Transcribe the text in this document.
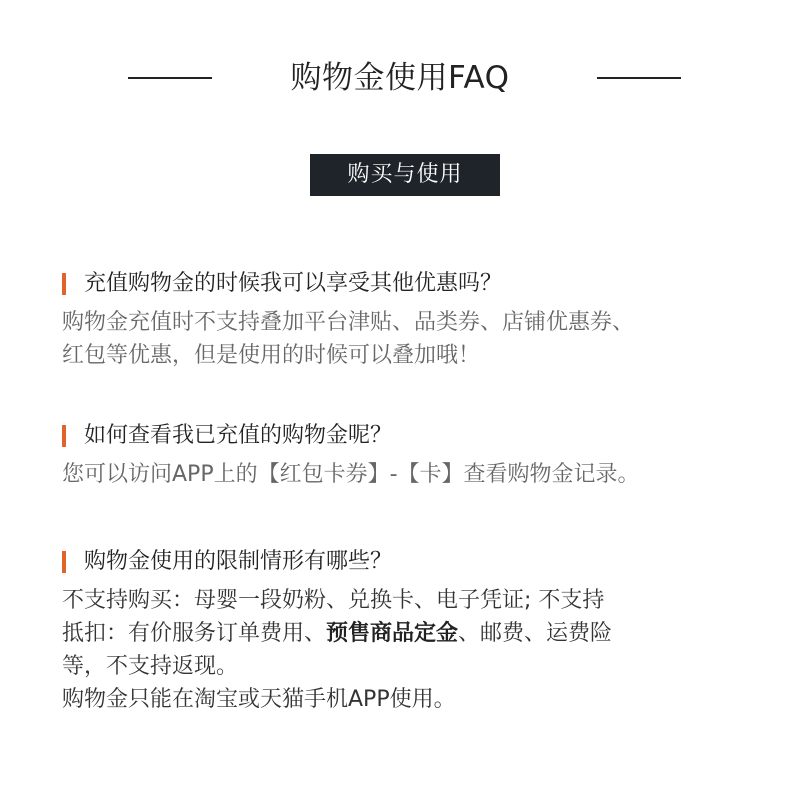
购物金使用FAQ
购买与使用
充值购物金的时候我可以享受其他优惠吗？

购物金充值时不支持叠加平台津贴、品类券、店铺优惠券、

红包等优惠，但是使用的时候可以叠加哦！

如何查看我已充值的购物金呢？

您可以访问APP上的【红包卡券】-【卡】查看购物金记录。

购物金使用的限制情形有哪些？

不支持购买：母婴一段奶粉、兑换卡、电子凭证; 不支持

抵扣：有价服务订单费用、预售商品定金、邮费、运费险

等，不支持返现。

购物金只能在淘宝或天猫手机APP使用。
